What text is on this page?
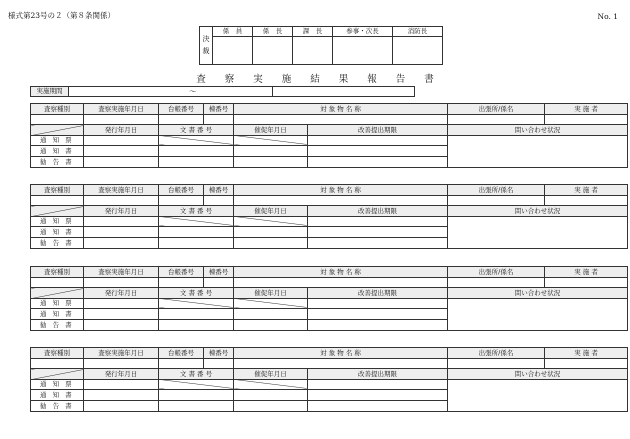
様式第23号の２（第８条関係）	No. 1
決　裁	係　員	係　長	課　長	参事・次長	消防長

査　　察　　実　　施　　結　　果　　報　　告　　書
実施期間	〜	
査察種別	査察実施年月日	台帳番号	棟番号	対 象 物 名 称		出張所/係名	実 施 者

	発行年月日	文 書 番 号		催促年月日	改善提出期限	問い合わせ状況	
通 知 票							
通 知 書							
勧 告 書							
査察種別	査察実施年月日	台帳番号	棟番号	対 象 物 名 称		出張所/係名	実 施 者

	発行年月日	文 書 番 号		催促年月日	改善提出期限	問い合わせ状況	
通 知 票							
通 知 書							
勧 告 書							
査察種別	査察実施年月日	台帳番号	棟番号	対 象 物 名 称		出張所/係名	実 施 者

	発行年月日	文 書 番 号		催促年月日	改善提出期限	問い合わせ状況	
通 知 票							
通 知 書							
勧 告 書							
査察種別	査察実施年月日	台帳番号	棟番号	対 象 物 名 称		出張所/係名	実 施 者

	発行年月日	文 書 番 号		催促年月日	改善提出期限	問い合わせ状況	
通 知 票							
通 知 書							
勧 告 書							
